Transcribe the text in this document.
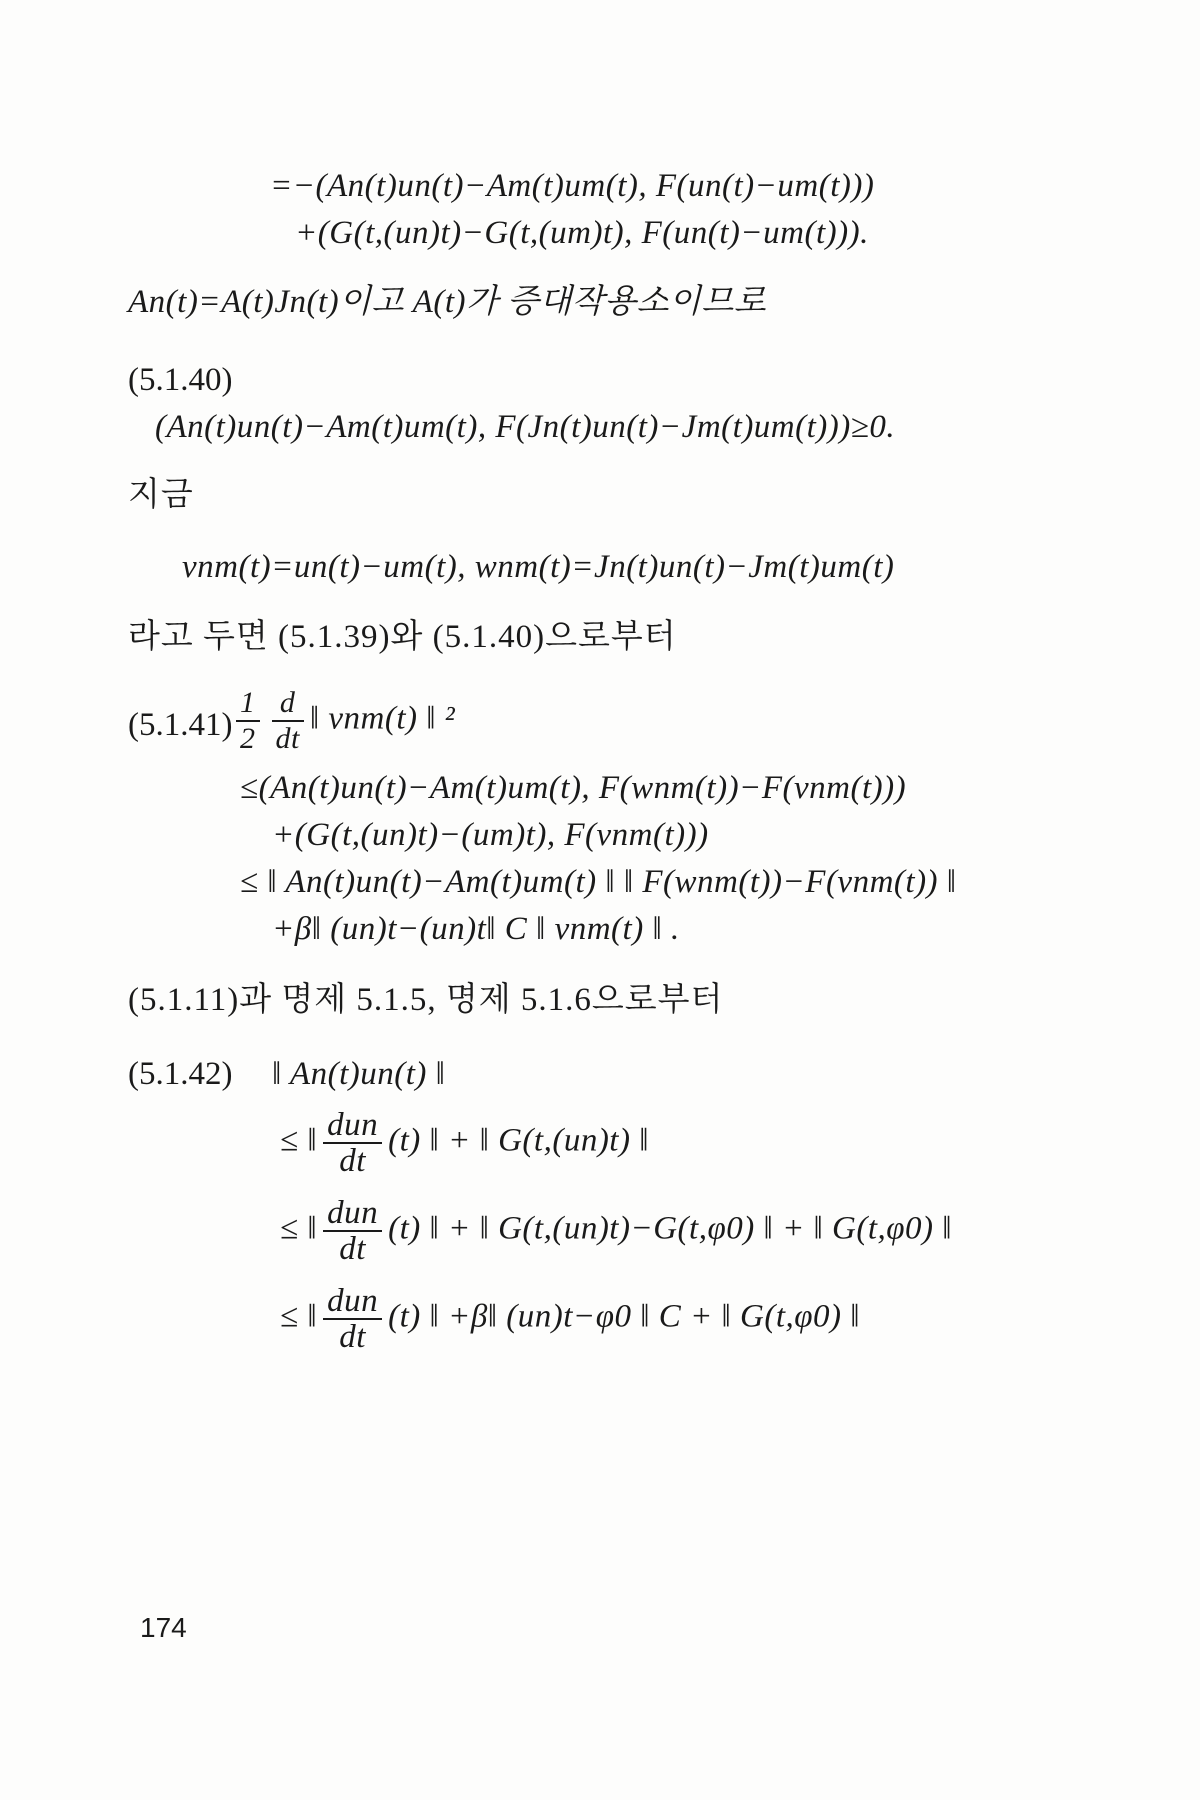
=−(An(t)un(t)−Am(t)um(t), F(un(t)−um(t)))
+(G(t,(un)t)−G(t,(um)t), F(un(t)−um(t))).
An(t)=A(t)Jn(t)이고 A(t)가 증대작용소이므로
(5.1.40)
(An(t)un(t)−Am(t)um(t), F(Jn(t)un(t)−Jm(t)um(t)))≥0.
지금
vnm(t)=un(t)−um(t), wnm(t)=Jn(t)un(t)−Jm(t)um(t)
라고 두면 (5.1.39)와 (5.1.40)으로부터
$(5.1.41) \frac{1}{2} \frac{d}{dt}$ ‖ vnm(t) ‖ ²
≤(An(t)un(t)−Am(t)um(t), F(wnm(t))−F(vnm(t)))
+(G(t,(un)t)−(um)t), F(vnm(t)))
≤ ‖ An(t)un(t)−Am(t)um(t) ‖ ‖ F(wnm(t))−F(vnm(t)) ‖
+β‖ (un)t−(un)t‖ C ‖ vnm(t) ‖ .
(5.1.11)과 명제 5.1.5, 명제 5.1.6으로부터
(5.1.42) ‖ An(t)un(t) ‖
≤ ‖ $\frac{\text{dun}}{dt} (t)$ ‖ + ‖ G(t,(un)t) ‖
≤ ‖ $\frac{\text{dun}}{dt} (t)$ ‖ + ‖ G(t,(un)t)−G(t,φ0) ‖ + ‖ G(t,φ0) ‖
≤ ‖ $\frac{\text{dun}}{dt} (t)$ ‖ +β‖ (un)t−φ0 ‖ C + ‖ G(t,φ0) ‖
174
